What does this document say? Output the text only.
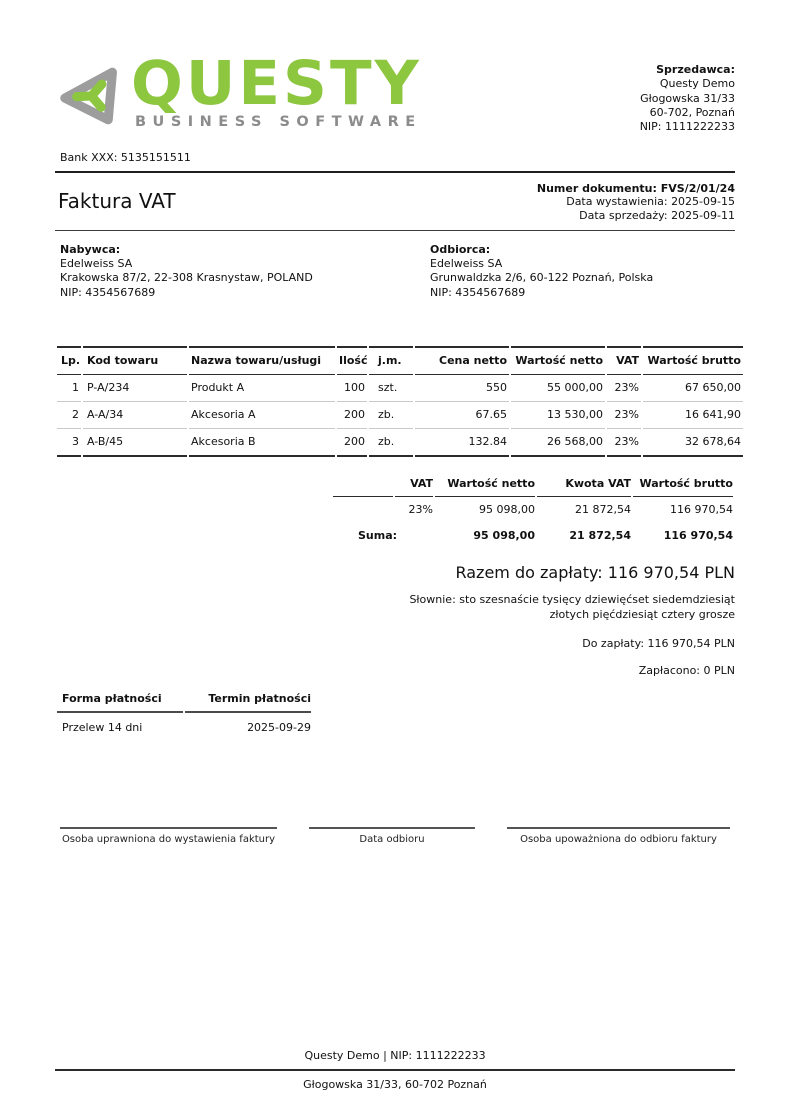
QUESTY
BUSINESS SOFTWARE
Sprzedawca:
Questy Demo
Głogowska 31/33
60-702, Poznań
NIP: 1111222233
Bank XXX: 5135151511
Faktura VAT
Numer dokumentu: FVS/2/01/24
Data wystawienia: 2025-09-15
Data sprzedaży: 2025-09-11
Nabywca:
Edelweiss SA
Krakowska 87/2, 22-308 Krasnystaw, POLAND
NIP: 4354567689
Odbiorca:
Edelweiss SA
Grunwaldzka 2/6, 60-122 Poznań, Polska
NIP: 4354567689
Lp.	Kod towaru	Nazwa towaru/usługi	Ilość	j.m.	Cena netto	Wartość netto	VAT	Wartość brutto
1	P-A/234	Produkt A	100	szt.	550	55 000,00	23%	67 650,00
2	A-A/34	Akcesoria A	200	zb.	67.65	13 530,00	23%	16 641,90
3	A-B/45	Akcesoria B	200	zb.	132.84	26 568,00	23%	32 678,64
	VAT	Wartość netto	Kwota VAT	Wartość brutto
	23%	95 098,00	21 872,54	116 970,54
Suma:		95 098,00	21 872,54	116 970,54
Razem do zapłaty: 116 970,54 PLN
Słownie: sto szesnaście tysięcy dziewięćset siedemdziesiąt złotych pięćdziesiąt cztery grosze
Do zapłaty: 116 970,54 PLN
Zapłacono: 0 PLN
Forma płatności	Termin płatności
Przelew 14 dni	2025-09-29
Osoba uprawniona do wystawienia faktury	Data odbioru	Osoba upoważniona do odbioru faktury
Questy Demo | NIP: 1111222233
Głogowska 31/33, 60-702 Poznań
